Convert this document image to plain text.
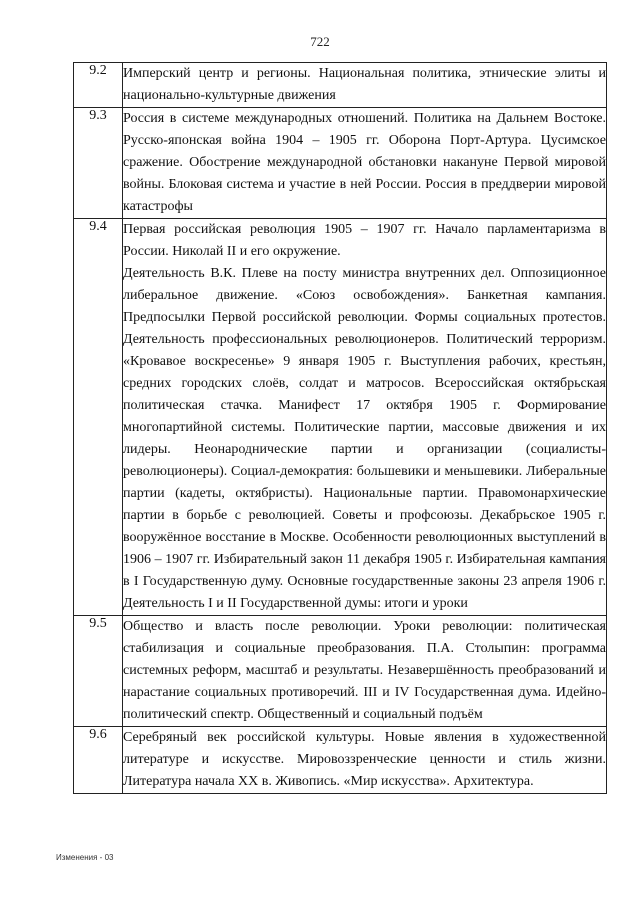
722
9.2	Имперский центр и регионы. Национальная политика, этнические элиты и национально-культурные движения

9.3	Россия в системе международных отношений. Политика на Дальнем Востоке. Русско-японская война 1904 – 1905 гг. Оборона Порт-Артура. Цусимское сражение. Обострение международной обстановки накануне Первой мировой войны. Блоковая система и участие в ней России. Россия в преддверии мировой катастрофы

9.4	Первая российская революция 1905 – 1907 гг. Начало парламентаризма в России. Николай II и его окружение.

Деятельность В.К. Плеве на посту министра внутренних дел. Оппозиционное либеральное движение. «Союз освобождения». Банкетная кампания. Предпосылки Первой российской революции. Формы социальных протестов. Деятельность профессиональных революционеров. Политический терроризм. «Кровавое воскресенье» 9 января 1905 г. Выступления рабочих, крестьян, средних городских слоёв, солдат и матросов. Всероссийская октябрьская политическая стачка. Манифест 17 октября 1905 г. Формирование многопартийной системы. Политические партии, массовые движения и их лидеры. Неонароднические партии и организации (социалисты-революционеры). Социал-демократия: большевики и меньшевики. Либеральные партии (кадеты, октябристы). Национальные партии. Правомонархические партии в борьбе с революцией. Советы и профсоюзы. Декабрьское 1905 г. вооружённое восстание в Москве. Особенности революционных выступлений в 1906 – 1907 гг. Избирательный закон 11 декабря 1905 г. Избирательная кампания в I Государственную думу. Основные государственные законы 23 апреля 1906 г. Деятельность I и II Государственной думы: итоги и уроки

9.5	Общество и власть после революции. Уроки революции: политическая стабилизация и социальные преобразования. П.А. Столыпин: программа системных реформ, масштаб и результаты. Незавершённость преобразований и нарастание социальных противоречий. III и IV Государственная дума. Идейно-политический спектр. Общественный и социальный подъём

9.6	Серебряный век российской культуры. Новые явления в художественной литературе и искусстве. Мировоззренческие ценности и стиль жизни. Литература начала XX в. Живопись. «Мир искусства». Архитектура.

Изменения - 03
